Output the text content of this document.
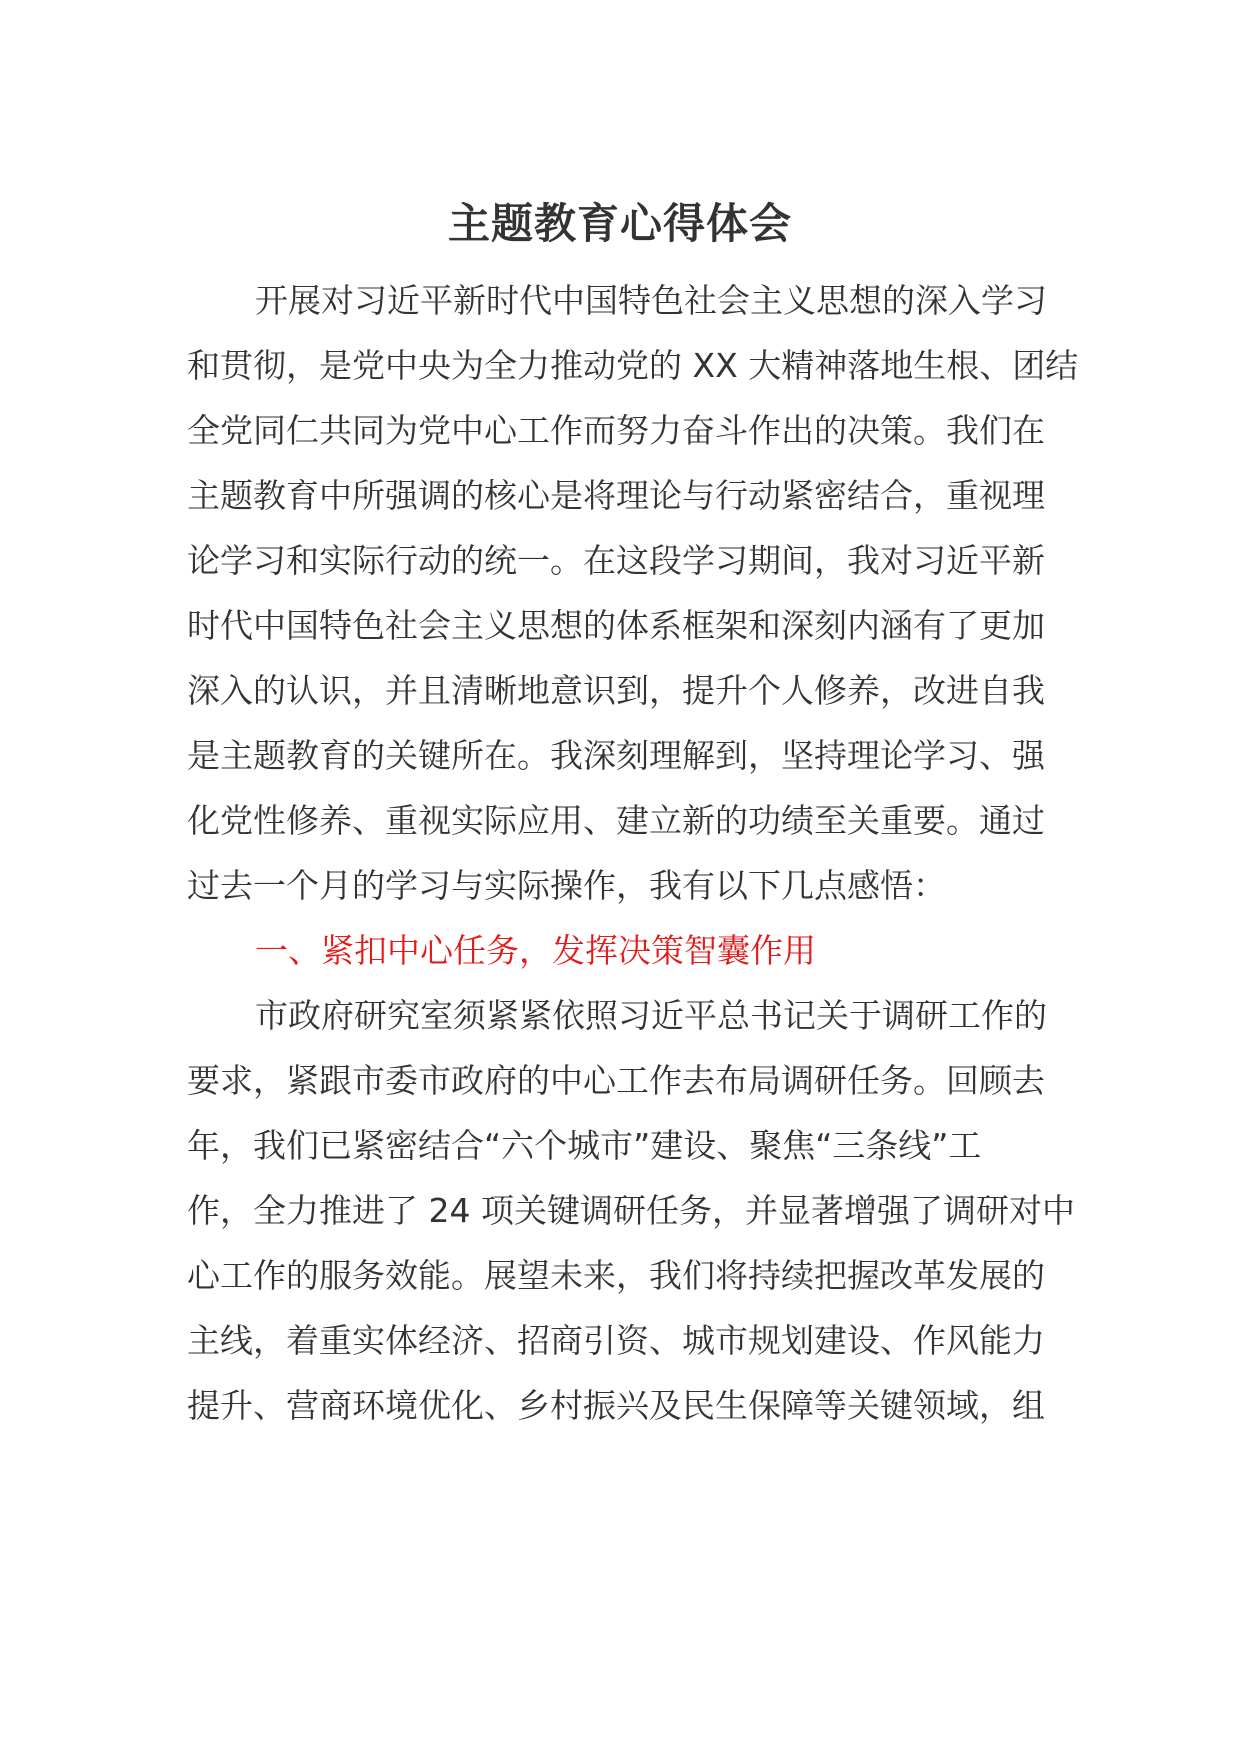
主题教育心得体会
开展对习近平新时代中国特色社会主义思想的深入学习
和贯彻，是党中央为全力推动党的 XX 大精神落地生根、团结
全党同仁共同为党中心工作而努力奋斗作出的决策。我们在
主题教育中所强调的核心是将理论与行动紧密结合，重视理
论学习和实际行动的统一。在这段学习期间，我对习近平新
时代中国特色社会主义思想的体系框架和深刻内涵有了更加
深入的认识，并且清晰地意识到，提升个人修养，改进自我
是主题教育的关键所在。我深刻理解到，坚持理论学习、强
化党性修养、重视实际应用、建立新的功绩至关重要。通过
过去一个月的学习与实际操作，我有以下几点感悟：
一、紧扣中心任务，发挥决策智囊作用
市政府研究室须紧紧依照习近平总书记关于调研工作的
要求，紧跟市委市政府的中心工作去布局调研任务。回顾去
年，我们已紧密结合“六个城市”建设、聚焦“三条线”工
作，全力推进了 24 项关键调研任务，并显著增强了调研对中
心工作的服务效能。展望未来，我们将持续把握改革发展的
主线，着重实体经济、招商引资、城市规划建设、作风能力
提升、营商环境优化、乡村振兴及民生保障等关键领域，组
